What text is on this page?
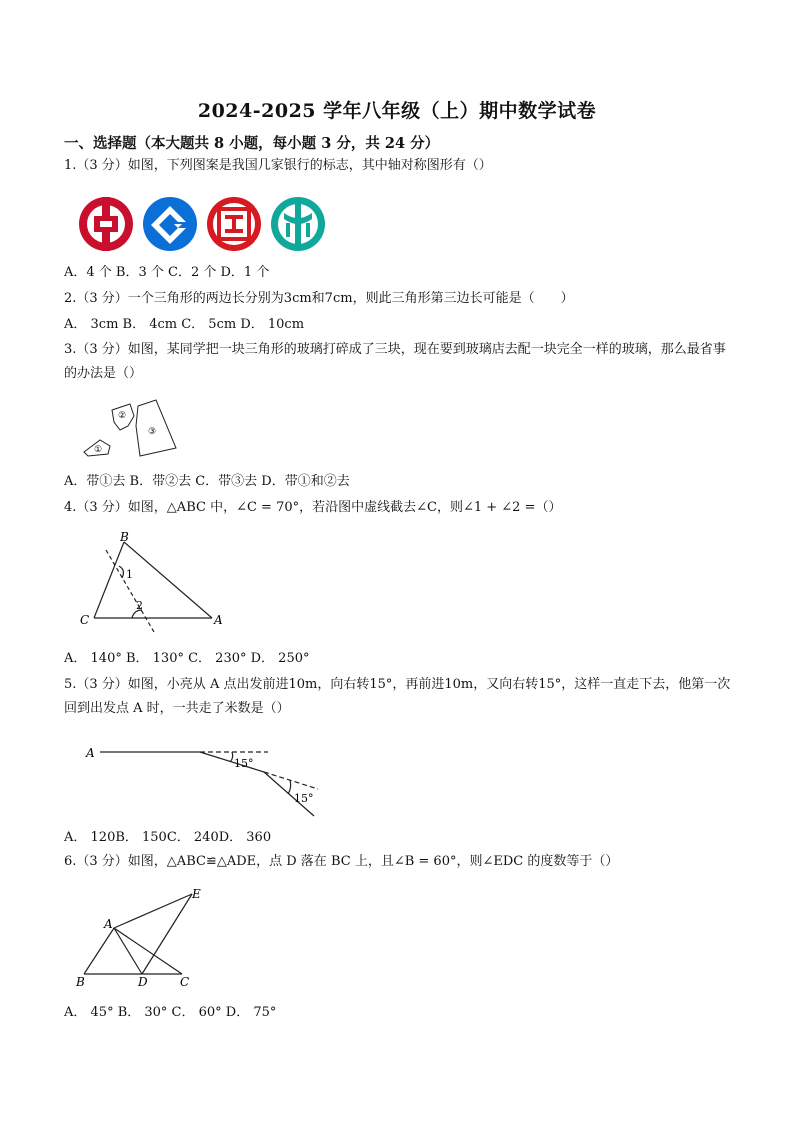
2024-2025 学年八年级（上）期中数学试卷
一、选择题（本大题共 8 小题，每小题 3 分，共 24 分）
1.（3 分）如图，下列图案是我国几家银行的标志，其中轴对称图形有（）
A．4 个 B．3 个 C．2 个 D．1 个
2.（3 分）一个三角形的两边长分别为3cm和7cm，则此三角形第三边长可能是（　　）
A． 3cm B． 4cm C． 5cm D． 10cm
3.（3 分）如图，某同学把一块三角形的玻璃打碎成了三块，现在要到玻璃店去配一块完全一样的玻璃，那么最省事的办法是（）
①
②
③
A．带①去 B．带②去 C．带③去 D．带①和②去
4.（3 分）如图，△ABC 中，∠C = 70°，若沿图中虚线截去∠C，则∠1 + ∠2 =（）
B
C	A
1
2
A． 140° B． 130° C． 230° D． 250°
5.（3 分）如图，小亮从 A 点出发前进10m，向右转15°，再前进10m，又向右转15°，这样一直走下去，他第一次回到出发点 A 时，一共走了米数是（）
A
15°
15°
A． 120B． 150C． 240D． 360
6.（3 分）如图，△ABC≌△ADE，点 D 落在 BC 上，且∠B = 60°，则∠EDC 的度数等于（）
A
B	C
D
E
A． 45° B． 30° C． 60° D． 75°
